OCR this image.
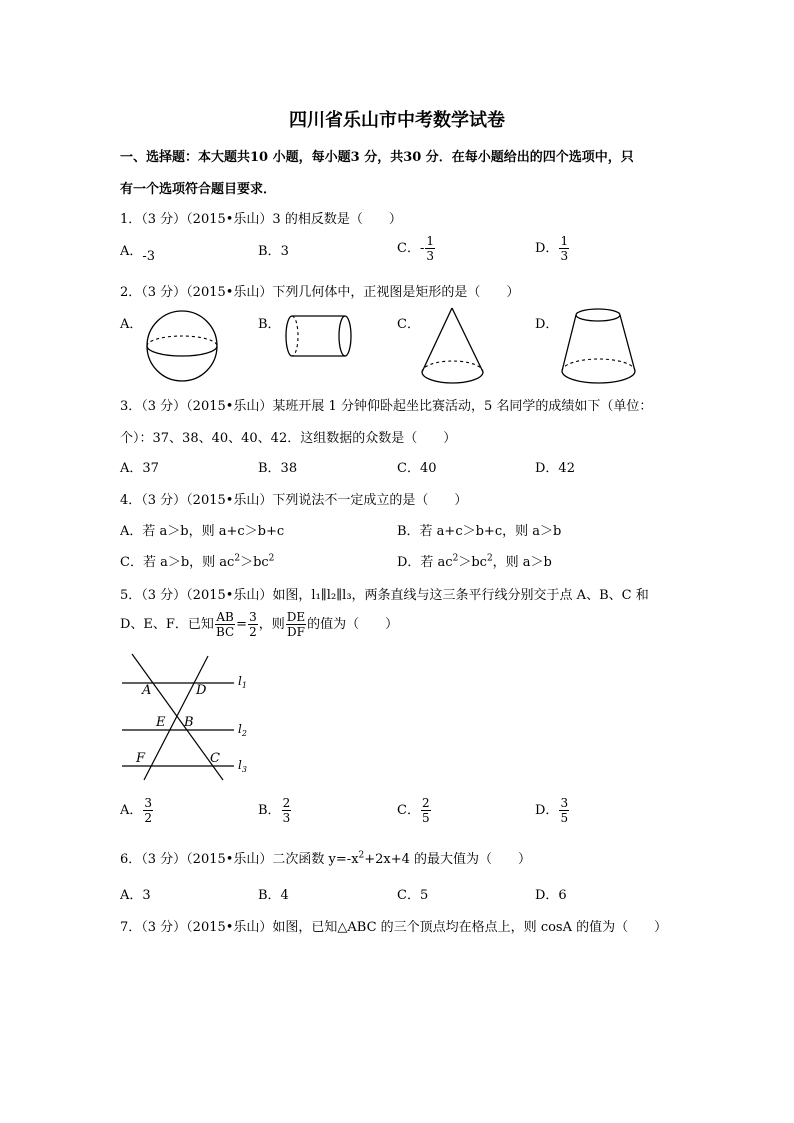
四川省乐山市中考数学试卷
一、选择题：本大题共10 小题，每小题3 分，共30 分．在每小题给出的四个选项中，只
有一个选项符合题目要求．
1．（3 分）（2015•乐山）3 的相反数是（　　）
A．-3	B．3	C．- $\frac{1}{3}$	D． $\frac{1}{3}$
2．（3 分）（2015•乐山）下列几何体中，正视图是矩形的是（　　）
A．	B．	C．	D．
3．（3 分）（2015•乐山）某班开展 1 分钟仰卧起坐比赛活动，5 名同学的成绩如下（单位：
个）：37、38、40、40、42．这组数据的众数是（　　）
A．37	B．38	C．40	D．42
4．（3 分）（2015•乐山）下列说法不一定成立的是（　　）
A．若 a＞b，则 a+c＞b+c	B．若 a+c＞b+c，则 a＞b
C．若 a＞b，则 $ac^2>bc^2$	D．若 $ac^2>bc^2$，则 a＞b
5．（3 分）（2015•乐山）如图，l₁∥l₂∥l₃，两条直线与这三条平行线分别交于点 A、B、C 和
D、E、F．已知 $\frac{AB}{BC} = \frac{3}{2}$ ，则 $\frac{DE}{DF}$ 的值为（　　）
A	D
E B
F	C
$l_1$
$l_2$
$l_3$
A． $\frac{3}{2}$	B． $\frac{2}{3}$	C． $\frac{2}{5}$	D． $\frac{3}{5}$
6．（3 分）（2015•乐山）二次函数 $y=-x^2+2x+4$ 的最大值为（　　）
A．3	B．4	C．5	D．6
7．（3 分）（2015•乐山）如图，已知△ABC 的三个顶点均在格点上，则 cosA 的值为（　　）
